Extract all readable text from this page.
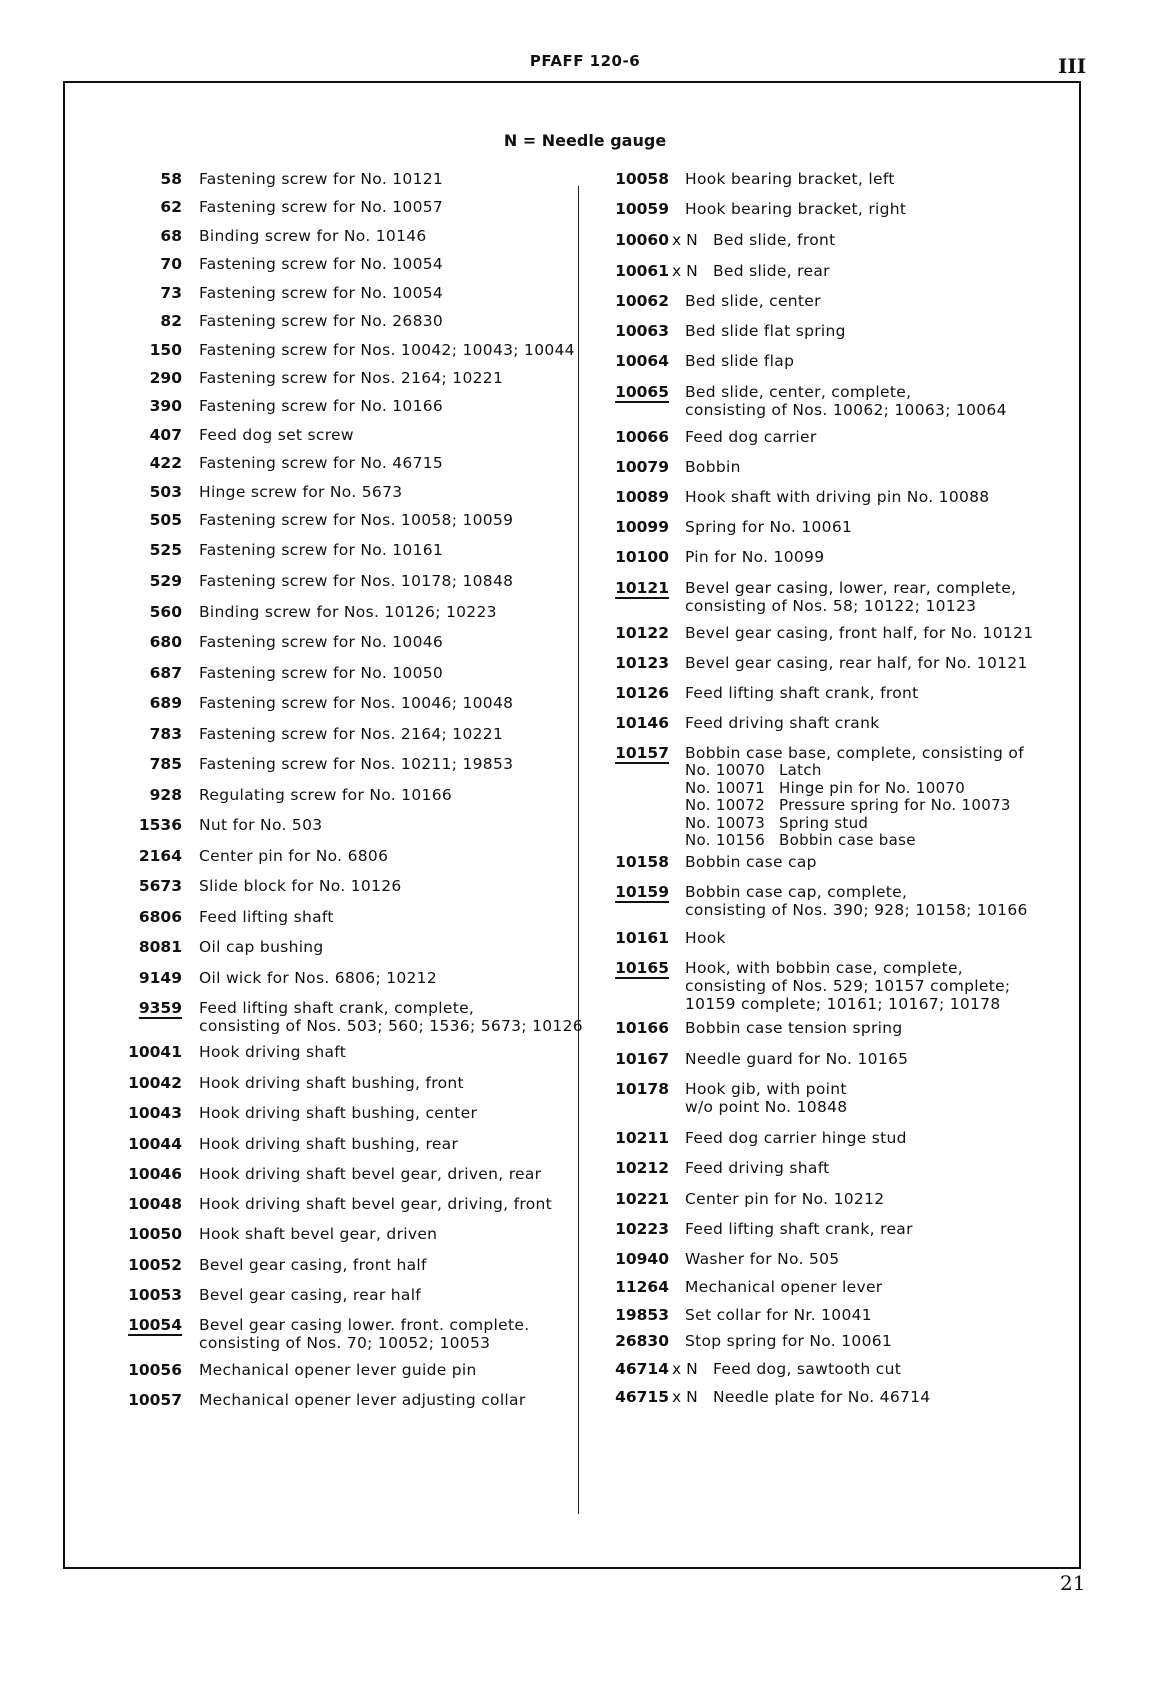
PFAFF 120-6	III
N = Needle gauge
58 Fastening screw for No. 10121
62 Fastening screw for No. 10057
68 Binding screw for No. 10146
70 Fastening screw for No. 10054
73 Fastening screw for No. 10054
82 Fastening screw for No. 26830
150 Fastening screw for Nos. 10042; 10043; 10044
290 Fastening screw for Nos. 2164; 10221
390 Fastening screw for No. 10166
407 Feed dog set screw
422 Fastening screw for No. 46715
503 Hinge screw for No. 5673
505 Fastening screw for Nos. 10058; 10059
525 Fastening screw for No. 10161
529 Fastening screw for Nos. 10178; 10848
560 Binding screw for Nos. 10126; 10223
680 Fastening screw for No. 10046
687 Fastening screw for No. 10050
689 Fastening screw for Nos. 10046; 10048
783 Fastening screw for Nos. 2164; 10221
785 Fastening screw for Nos. 10211; 19853
928 Regulating screw for No. 10166
1536 Nut for No. 503
2164 Center pin for No. 6806
5673 Slide block for No. 10126
6806 Feed lifting shaft
8081 Oil cap bushing
9149 Oil wick for Nos. 6806; 10212
9359 Feed lifting shaft crank, complete,
consisting of Nos. 503; 560; 1536; 5673; 10126
10041 Hook driving shaft
10042 Hook driving shaft bushing, front
10043 Hook driving shaft bushing, center
10044 Hook driving shaft bushing, rear
10046 Hook driving shaft bevel gear, driven, rear
10048 Hook driving shaft bevel gear, driving, front
10050 Hook shaft bevel gear, driven
10052 Bevel gear casing, front half
10053 Bevel gear casing, rear half
10054 Bevel gear casing lower. front. complete.
consisting of Nos. 70; 10052; 10053
10056 Mechanical opener lever guide pin
10057 Mechanical opener lever adjusting collar
10058 Hook bearing bracket, left
10059 Hook bearing bracket, right
10060 x N Bed slide, front
10061 x N Bed slide, rear
10062 Bed slide, center
10063 Bed slide flat spring
10064 Bed slide flap
10065 Bed slide, center, complete,
consisting of Nos. 10062; 10063; 10064
10066 Feed dog carrier
10079 Bobbin
10089 Hook shaft with driving pin No. 10088
10099 Spring for No. 10061
10100 Pin for No. 10099
10121 Bevel gear casing, lower, rear, complete,
consisting of Nos. 58; 10122; 10123
10122 Bevel gear casing, front half, for No. 10121
10123 Bevel gear casing, rear half, for No. 10121
10126 Feed lifting shaft crank, front
10146 Feed driving shaft crank
10157 Bobbin case base, complete, consisting of
10158 Bobbin case cap
10159 Bobbin case cap, complete,
consisting of Nos. 390; 928; 10158; 10166
10161 Hook
10165 Hook, with bobbin case, complete,
consisting of Nos. 529; 10157 complete;
10159 complete; 10161; 10167; 10178
10166 Bobbin case tension spring
10167 Needle guard for No. 10165
10178 Hook gib, with point
w/o point No. 10848
10211 Feed dog carrier hinge stud
10212 Feed driving shaft
10221 Center pin for No. 10212
10223 Feed lifting shaft crank, rear
10940 Washer for No. 505
11264 Mechanical opener lever
19853 Set collar for Nr. 10041
26830 Stop spring for No. 10061
46714 x N Feed dog, sawtooth cut
46715 x N Needle plate for No. 46714
No. 10070 Latch
No. 10071 Hinge pin for No. 10070
No. 10072 Pressure spring for No. 10073
No. 10073 Spring stud
No. 10156 Bobbin case base
21
